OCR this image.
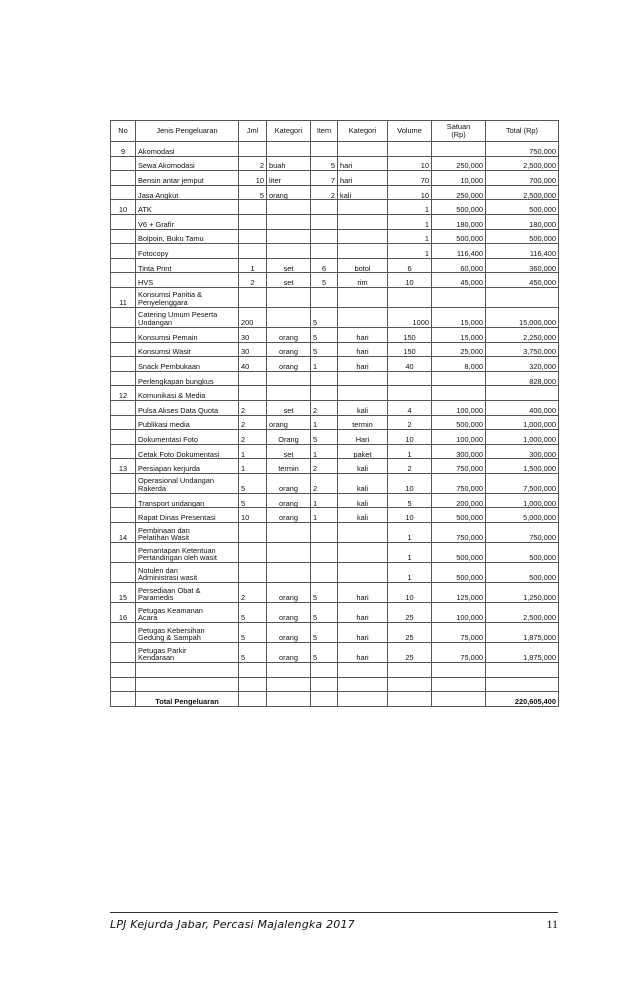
No	Jenis Pengeluaran	Jml	Kategori	Item	Kategori	Volume	Satuan
(Rp)	Total (Rp)
9	Akomodasi							750,000
	Sewa Akomodasi	2	buah	5	hari	10	250,000	2,500,000
	Bensin antar jemput	10	liter	7	hari	70	10,000	700,000
	Jasa Angkut	5	orang	2	kali	10	250,000	2,500,000
10	ATK					1	500,000	500,000
	V6 + Grafir					1	180,000	180,000
	Bolpoin, Buku Tamu					1	500,000	500,000
	Fotocopy					1	116,400	116,400
	Tinta Print	1	set	6	botol	6	60,000	360,000
	HVS	2	set	5	rim	10	45,000	450,000
11	Konsumsi Panitia &
Penyelenggara							
	Catering Umum Peserta
Undangan	200		5		1000	15,000	15,000,000
	Konsumsi Pemain	30	orang	5	hari	150	15,000	2,250,000
	Konsumsi Wasit	30	orang	5	hari	150	25,000	3,750,000
	Snack Pembukaan	40	orang	1	hari	40	8,000	320,000
	Perlengkapan bungkus							828,000
12	Komunikasi & Media							
	Pulsa Akses Data Quota	2	set	2	kali	4	100,000	400,000
	Publikasi media	2	orang	1	termin	2	500,000	1,000,000
	Dokumentasi Foto	2	Orang	5	Hari	10	100,000	1,000,000
	Cetak Foto Dokumentasi	1	set	1	paket	1	300,000	300,000
13	Persiapan kerjurda	1	termin	2	kali	2	750,000	1,500,000
	Operasional Undangan
Rakerda	5	orang	2	kali	10	750,000	7,500,000
	Transport undangan	5	orang	1	kali	5	200,000	1,000,000
	Rapat Dinas Presentasi	10	orang	1	kali	10	500,000	5,000,000
14	Pembinaan dan
Pelatihan Wasit					1	750,000	750,000
	Pemantapan Ketentuan
Pertandingan oleh wasit					1	500,000	500,000
	Notulen dan
Administrasi wasit					1	500,000	500,000
15	Persediaan Obat &
Paramedis	2	orang	5	hari	10	125,000	1,250,000
16	Petugas Keamanan
Acara	5	orang	5	hari	25	100,000	2,500,000
	Petugas Kebersihan
Gedung & Sampah	5	orang	5	hari	25	75,000	1,875,000
	Petugas Parkir
Kendaraan	5	orang	5	hari	25	75,000	1,875,000

	Total Pengeluaran							220,605,400
LPJ Kejurda Jabar, Percasi Majalengka 2017	11
